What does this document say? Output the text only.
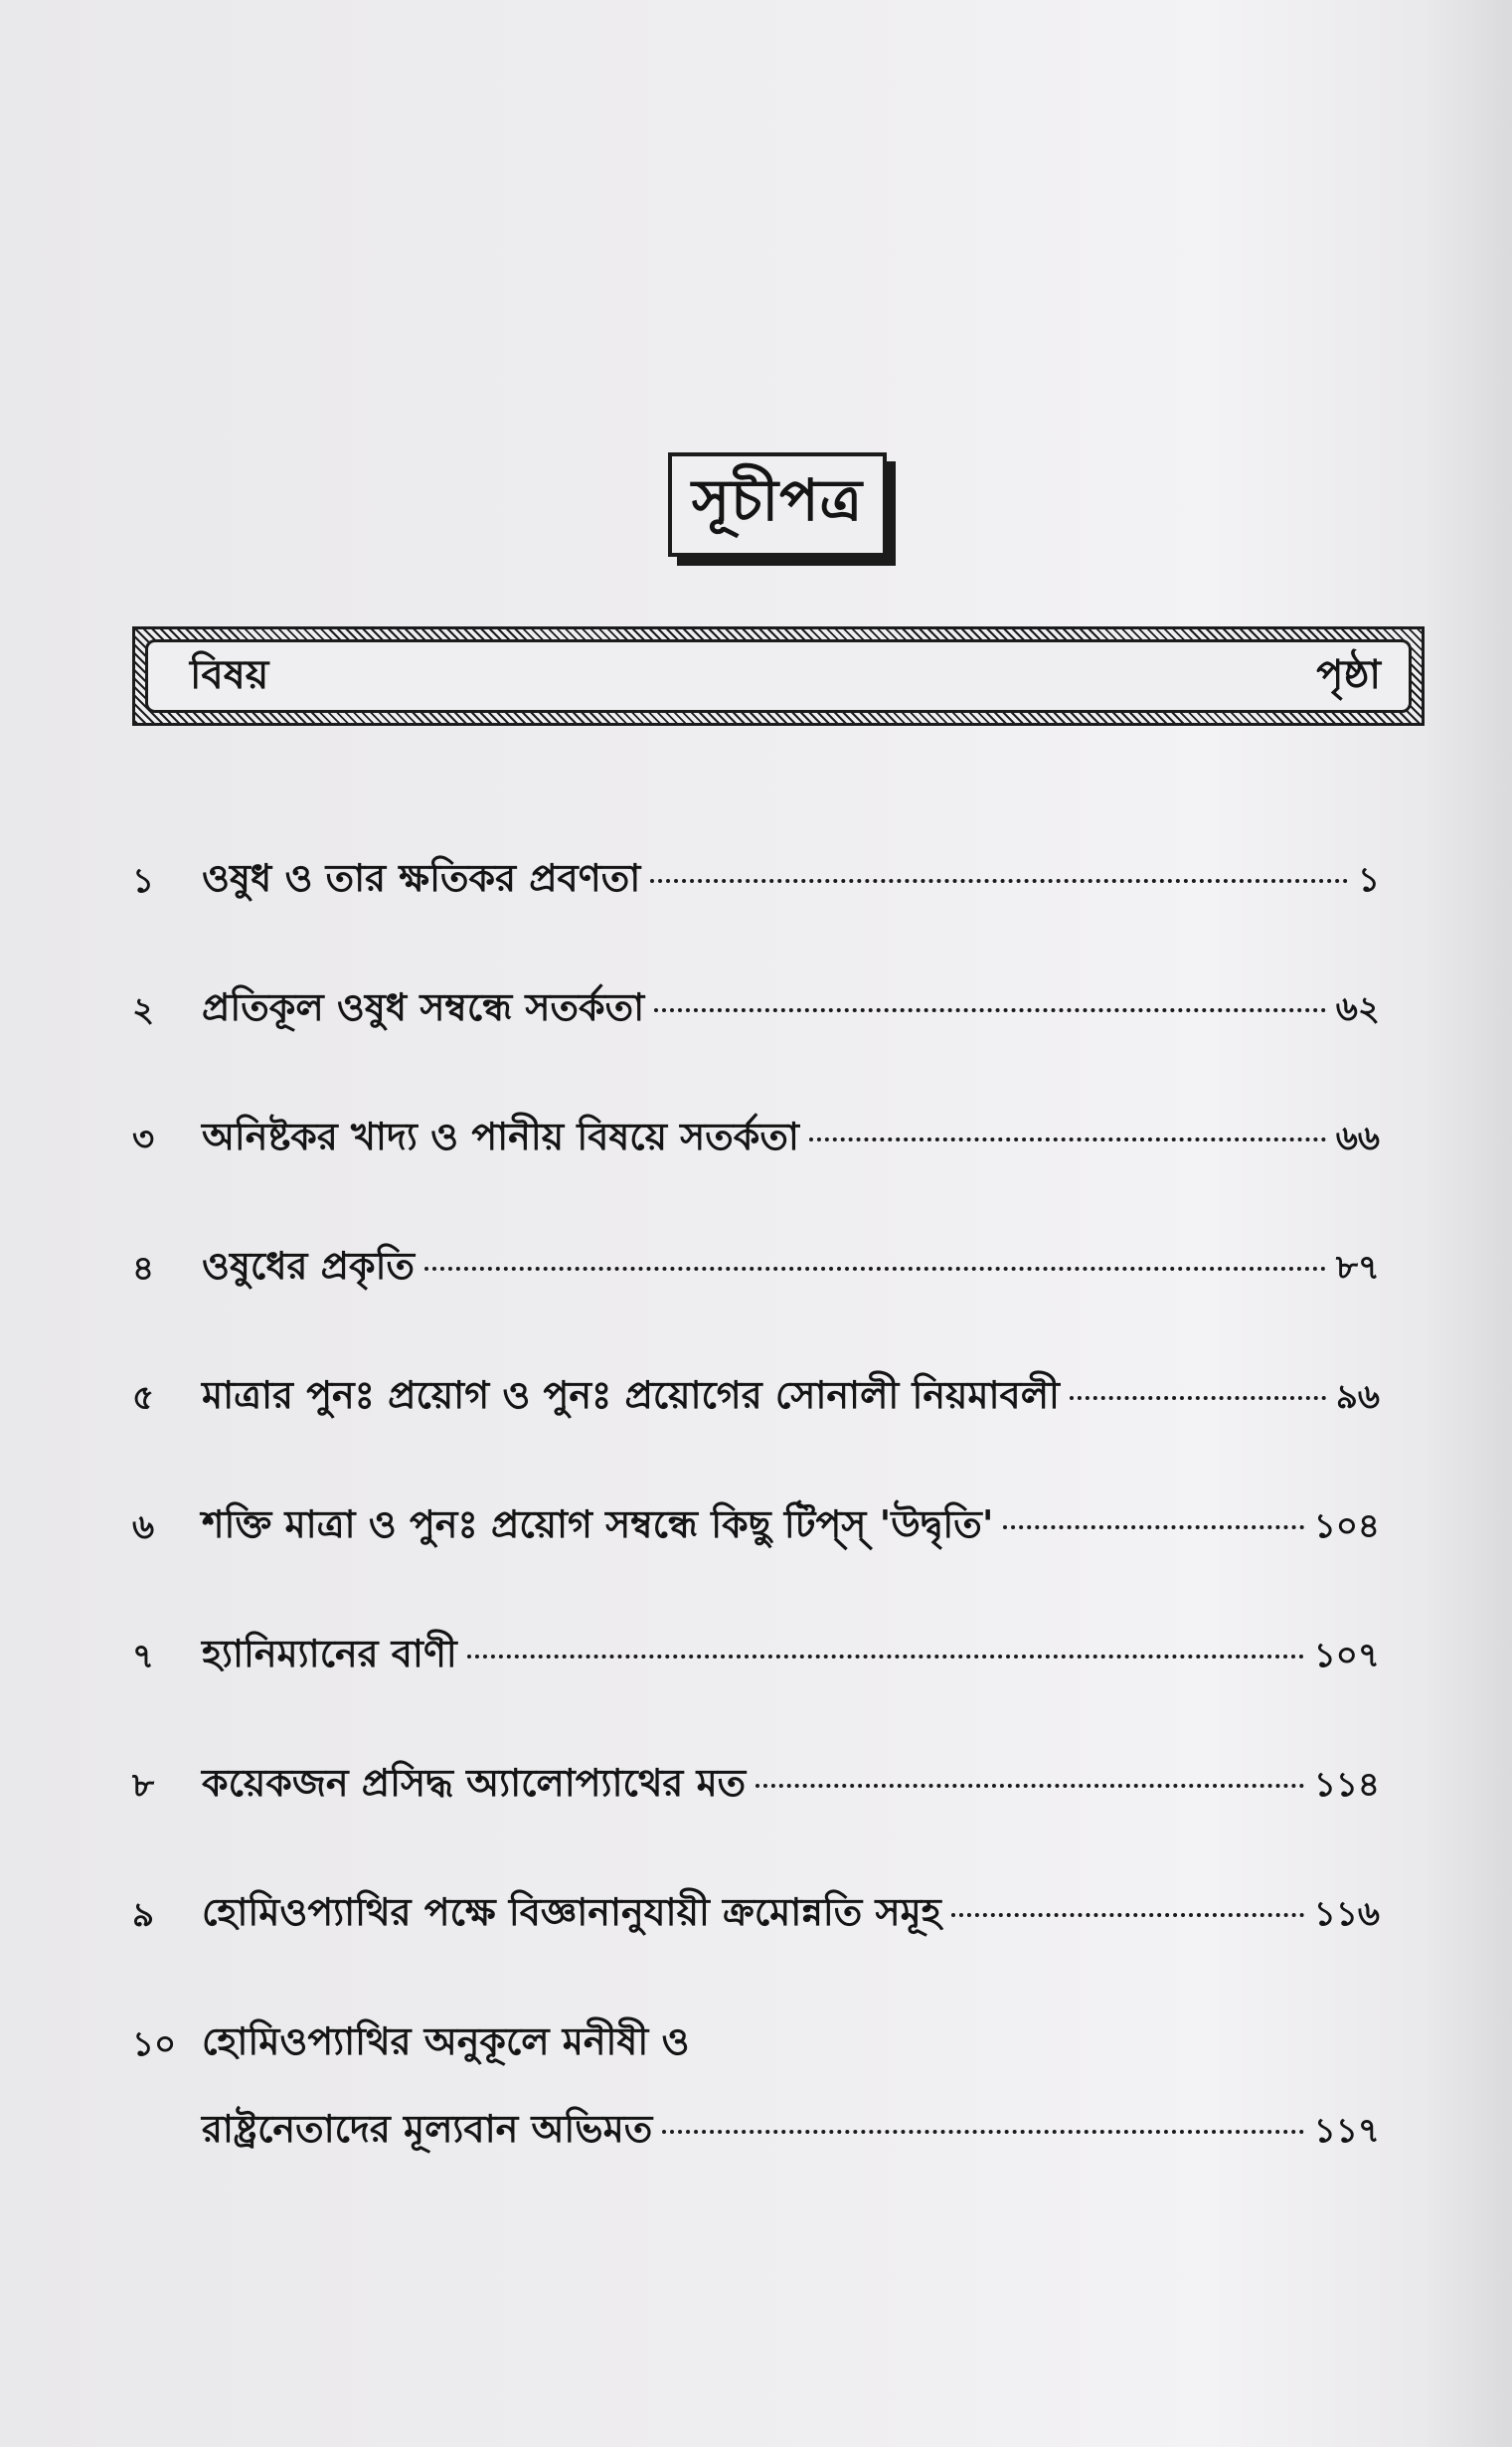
সূচীপত্র
বিষয়	পৃষ্ঠা
১	ওষুধ ও তার ক্ষতিকর প্রবণতা	১
২	প্রতিকূল ওষুধ সম্বন্ধে সতর্কতা	৬২
৩	অনিষ্টকর খাদ্য ও পানীয় বিষয়ে সতর্কতা	৬৬
৪	ওষুধের প্রকৃতি	৮৭
৫	মাত্রার পুনঃ প্রয়োগ ও পুনঃ প্রয়োগের সোনালী নিয়মাবলী	৯৬
৬	শক্তি মাত্রা ও পুনঃ প্রয়োগ সম্বন্ধে কিছু টিপ্‌স্ 'উদ্বৃতি'	১০৪
৭	হ্যানিম্যানের বাণী	১০৭
৮	কয়েকজন প্রসিদ্ধ অ্যালোপ্যাথের মত	১১৪
৯	হোমিওপ্যাথির পক্ষে বিজ্ঞানানুযায়ী ক্রমোন্নতি সমূহ	১১৬
১০ হোমিওপ্যাথির অনুকূলে মনীষী ও
রাষ্ট্রনেতাদের মূল্যবান অভিমত	১১৭
